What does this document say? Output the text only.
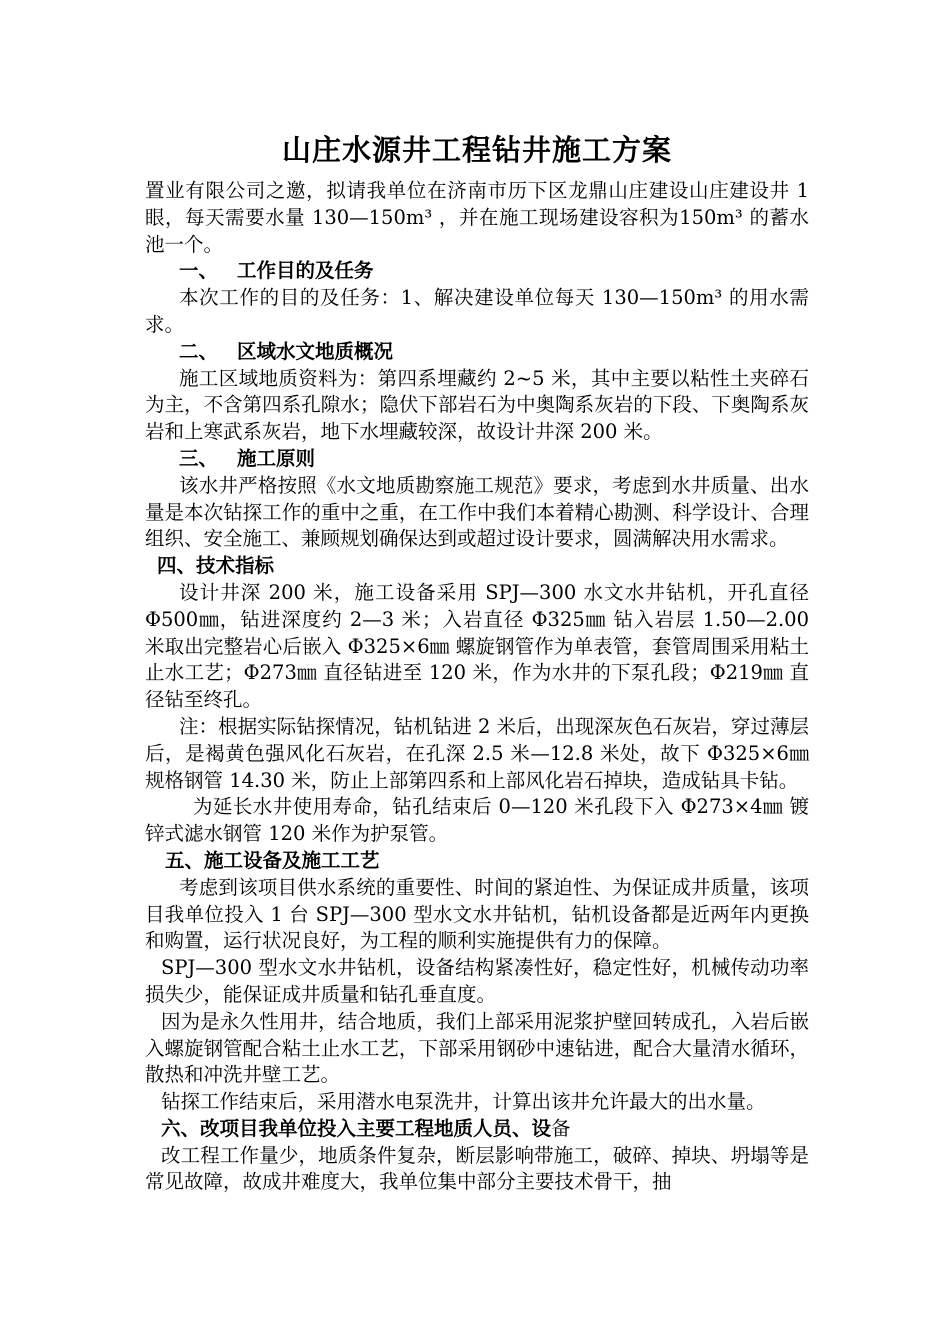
山庄水源井工程钻井施工方案

置业有限公司之邀，拟请我单位在济南市历下区龙鼎山庄建设山庄建设井 1 眼，每天需要水量 130—150m³ ，并在施工现场建设容积为150m³ 的蓄水池一个。

一、 工作目的及任务

本次工作的目的及任务：1、解决建设单位每天 130—150m³ 的用水需求。

二、 区域水文地质概况

施工区域地质资料为：第四系埋藏约 2~5 米，其中主要以粘性土夹碎石为主，不含第四系孔隙水；隐伏下部岩石为中奥陶系灰岩的下段、下奥陶系灰岩和上寒武系灰岩，地下水埋藏较深，故设计井深 200 米。

三、 施工原则

该水井严格按照《水文地质勘察施工规范》要求，考虑到水井质量、出水量是本次钻探工作的重中之重，在工作中我们本着精心勘测、科学设计、合理组织、安全施工、兼顾规划确保达到或超过设计要求，圆满解决用水需求。

四、技术指标

设计井深 200 米，施工设备采用 SPJ—300 水文水井钻机，开孔直径 Φ500㎜，钻进深度约 2—3 米；入岩直径 Φ325㎜ 钻入岩层 1.50—2.00 米取出完整岩心后嵌入 Φ325×6㎜ 螺旋钢管作为单表管，套管周围采用粘土止水工艺；Φ273㎜ 直径钻进至 120 米，作为水井的下泵孔段；Φ219㎜ 直径钻至终孔。

注：根据实际钻探情况，钻机钻进 2 米后，出现深灰色石灰岩，穿过薄层后，是褐黄色强风化石灰岩，在孔深 2.5 米—12.8 米处，故下 Φ325×6㎜ 规格钢管 14.30 米，防止上部第四系和上部风化岩石掉块，造成钻具卡钻。

为延长水井使用寿命，钻孔结束后 0—120 米孔段下入 Φ273×4㎜ 镀锌式滤水钢管 120 米作为护泵管。

五、施工设备及施工工艺

考虑到该项目供水系统的重要性、时间的紧迫性、为保证成井质量，该项目我单位投入 1 台 SPJ—300 型水文水井钻机，钻机设备都是近两年内更换和购置，运行状况良好，为工程的顺利实施提供有力的保障。

SPJ—300 型水文水井钻机，设备结构紧凑性好，稳定性好，机械传动功率损失少，能保证成井质量和钻孔垂直度。

因为是永久性用井，结合地质，我们上部采用泥浆护壁回转成孔，入岩后嵌入螺旋钢管配合粘土止水工艺，下部采用钢砂中速钻进，配合大量清水循环，散热和冲洗井壁工艺。

钻探工作结束后，采用潜水电泵洗井，计算出该井允许最大的出水量。

六、改项目我单位投入主要工程地质人员、设备

改工程工作量少，地质条件复杂，断层影响带施工，破碎、掉块、坍塌等是常见故障，故成井难度大，我单位集中部分主要技术骨干，抽
